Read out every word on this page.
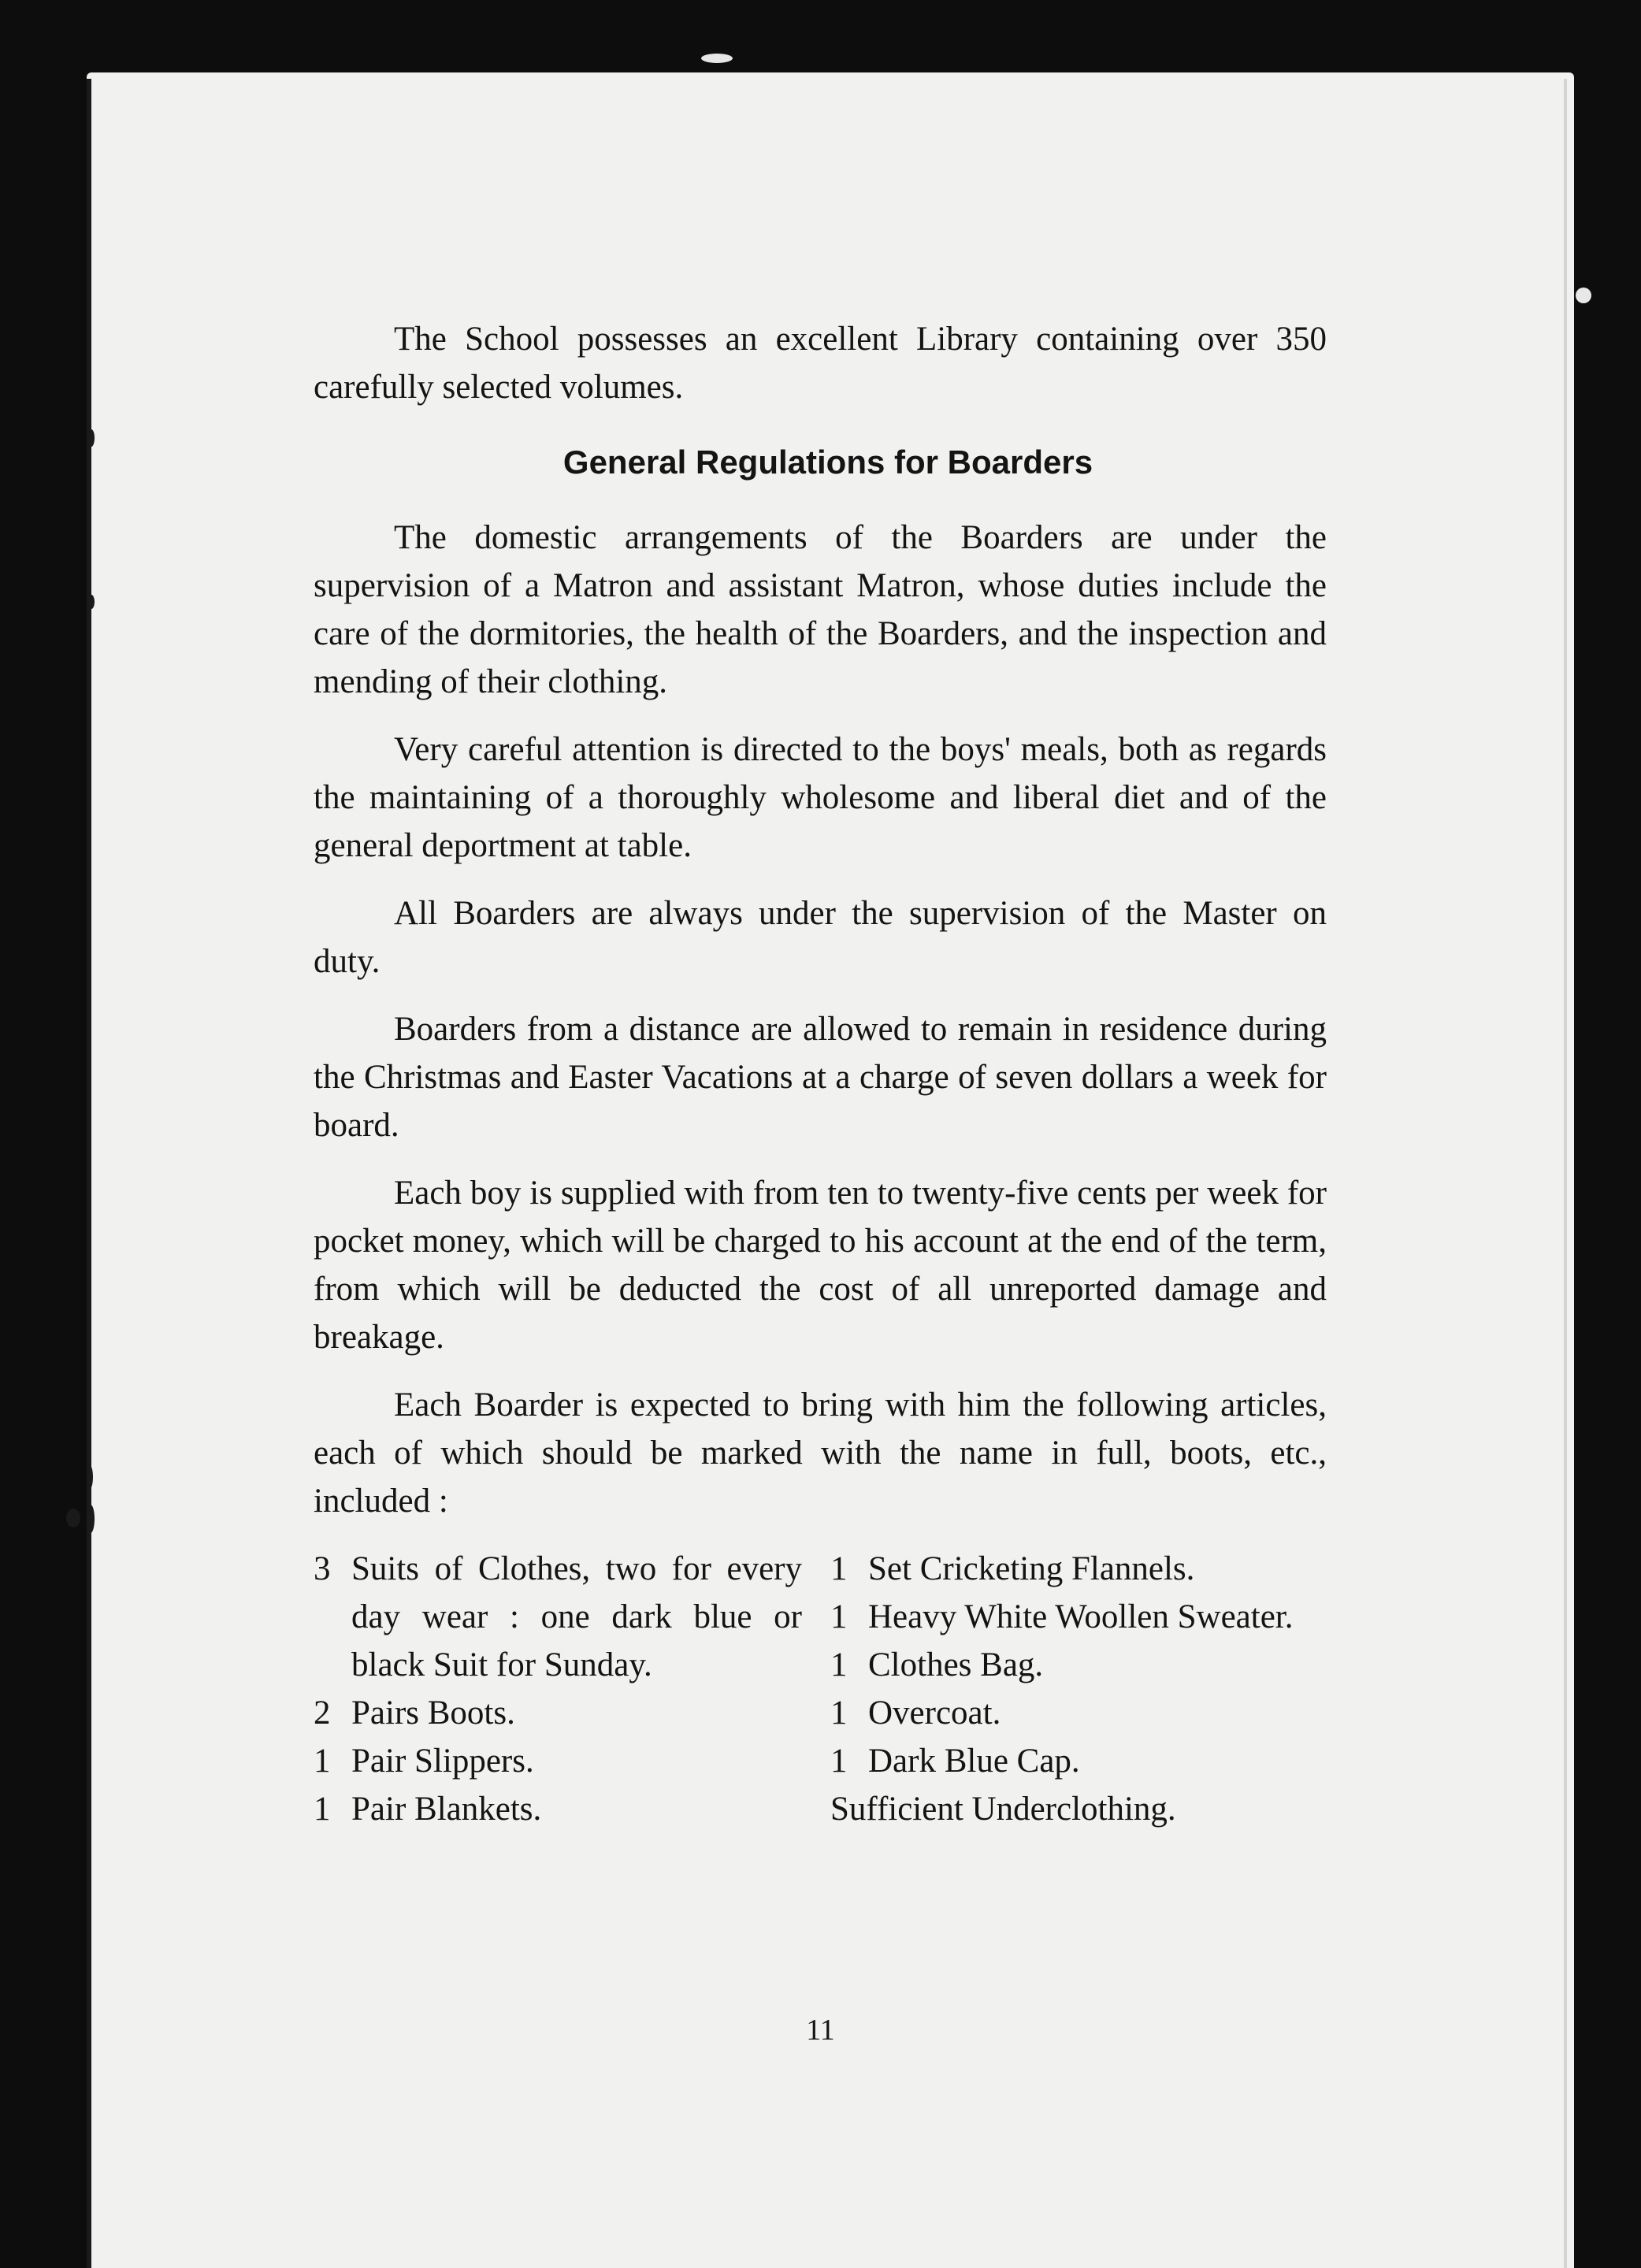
The School possesses an excellent Library containing over 350 carefully selected volumes.

General Regulations for Boarders

The domestic arrangements of the Boarders are under the supervision of a Matron and assistant Matron, whose duties include the care of the dormitories, the health of the Boarders, and the inspection and mending of their clothing.

Very careful attention is directed to the boys' meals, both as regards the maintaining of a thoroughly wholesome and liberal diet and of the general deportment at table.

All Boarders are always under the supervision of the Master on duty.

Boarders from a distance are allowed to remain in residence during the Christmas and Easter Vacations at a charge of seven dollars a week for board.

Each boy is supplied with from ten to twenty-five cents per week for pocket money, which will be charged to his account at the end of the term, from which will be deducted the cost of all unreported damage and breakage.

Each Boarder is expected to bring with him the following articles, each of which should be marked with the name in full, boots, etc., included :

3 Suits of Clothes, two for every day wear : one dark blue or black Suit for Sunday.
2 Pairs Boots.
1 Pair Slippers.
1 Pair Blankets.
1 Set Cricketing Flannels.
1 Heavy White Woollen Sweater.
1 Clothes Bag.
1 Overcoat.
1 Dark Blue Cap.
Sufficient Underclothing.
11
